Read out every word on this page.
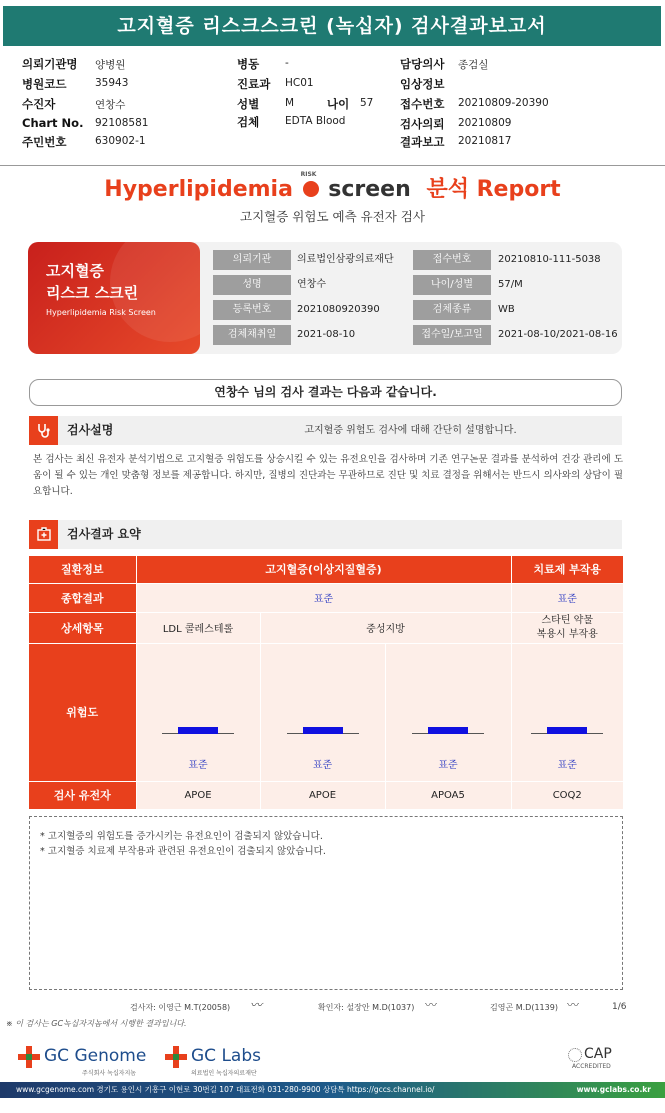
고지혈증 리스크스크린 (녹십자) 검사결과보고서
의뢰기관명 양병원
병원코드	35943
수진자	연창수
Chart No. 92108581
주민번호	630902-1
병동 -
진료과 HC01
성별 M	나이 57
검체 EDTA Blood
담당의사 종검실
임상정보
접수번호 20210809-20390
검사의뢰 20210809
결과보고 20210817
Hyperlipidemia
RISK
screen 분석 Report
고지혈증 위험도 예측 유전자 검사
고지혈증
리스크 스크린
Hyperlipidemia Risk Screen
의뢰기관	의료법인삼광의료재단	접수번호	20210810-111-5038
성명	연창수	나이/성별	57/M
등록번호	2021080920390	검체종류	WB
검체채취일	2021-08-10	접수일/보고일	2021-08-10/2021-08-16
연창수 님의 검사 결과는 다음과 같습니다.
고지혈증 위험도 검사에 대해 간단히 설명합니다.
검사설명
본 검사는 최신 유전자 분석기법으로 고지혈증 위험도를 상승시킬 수 있는 유전요인을 검사하며 기존 연구논문 결과를 분석하여 건강 관리에 도움이 될 수 있는 개인 맞춤형 정보를 제공합니다. 하지만, 질병의 진단과는 무관하므로 진단 및 치료 결정을 위해서는 반드시 의사와의 상담이 필요합니다.
검사결과 요약
질환정보	고지혈증(이상지질혈증)			치료제 부작용
종합결과	표준			표준
상세항목	LDL 콜레스테롤	중성지방		스타틴 약물
복용시 부작용

위험도	표준	표준	표준	표준

검사 유전자	APOE	APOE	APOA5	COQ2
* 고지혈증의 위험도를 증가시키는 유전요인이 검출되지 않았습니다.
* 고지혈증 치료제 부작용과 관련된 유전요인이 검출되지 않았습니다.
검사자: 이영근 M.T(20058) 〰	확인자: 설장안 M.D(1037) 〰	김영곤 M.D(1139) 〰	1/6
※ 이 검사는 GC녹십자지놈에서 시행한 결과입니다.
GC Genome
주식회사 녹십자지놈
GC Labs
의료법인 녹십자의료재단
CAP
ACCREDITED
www.gcgenome.com 경기도 용인시 기흥구 이현로 30번길 107 대표전화 031-280-9900 상담톡 https://gccs.channel.io/	www.gclabs.co.kr
